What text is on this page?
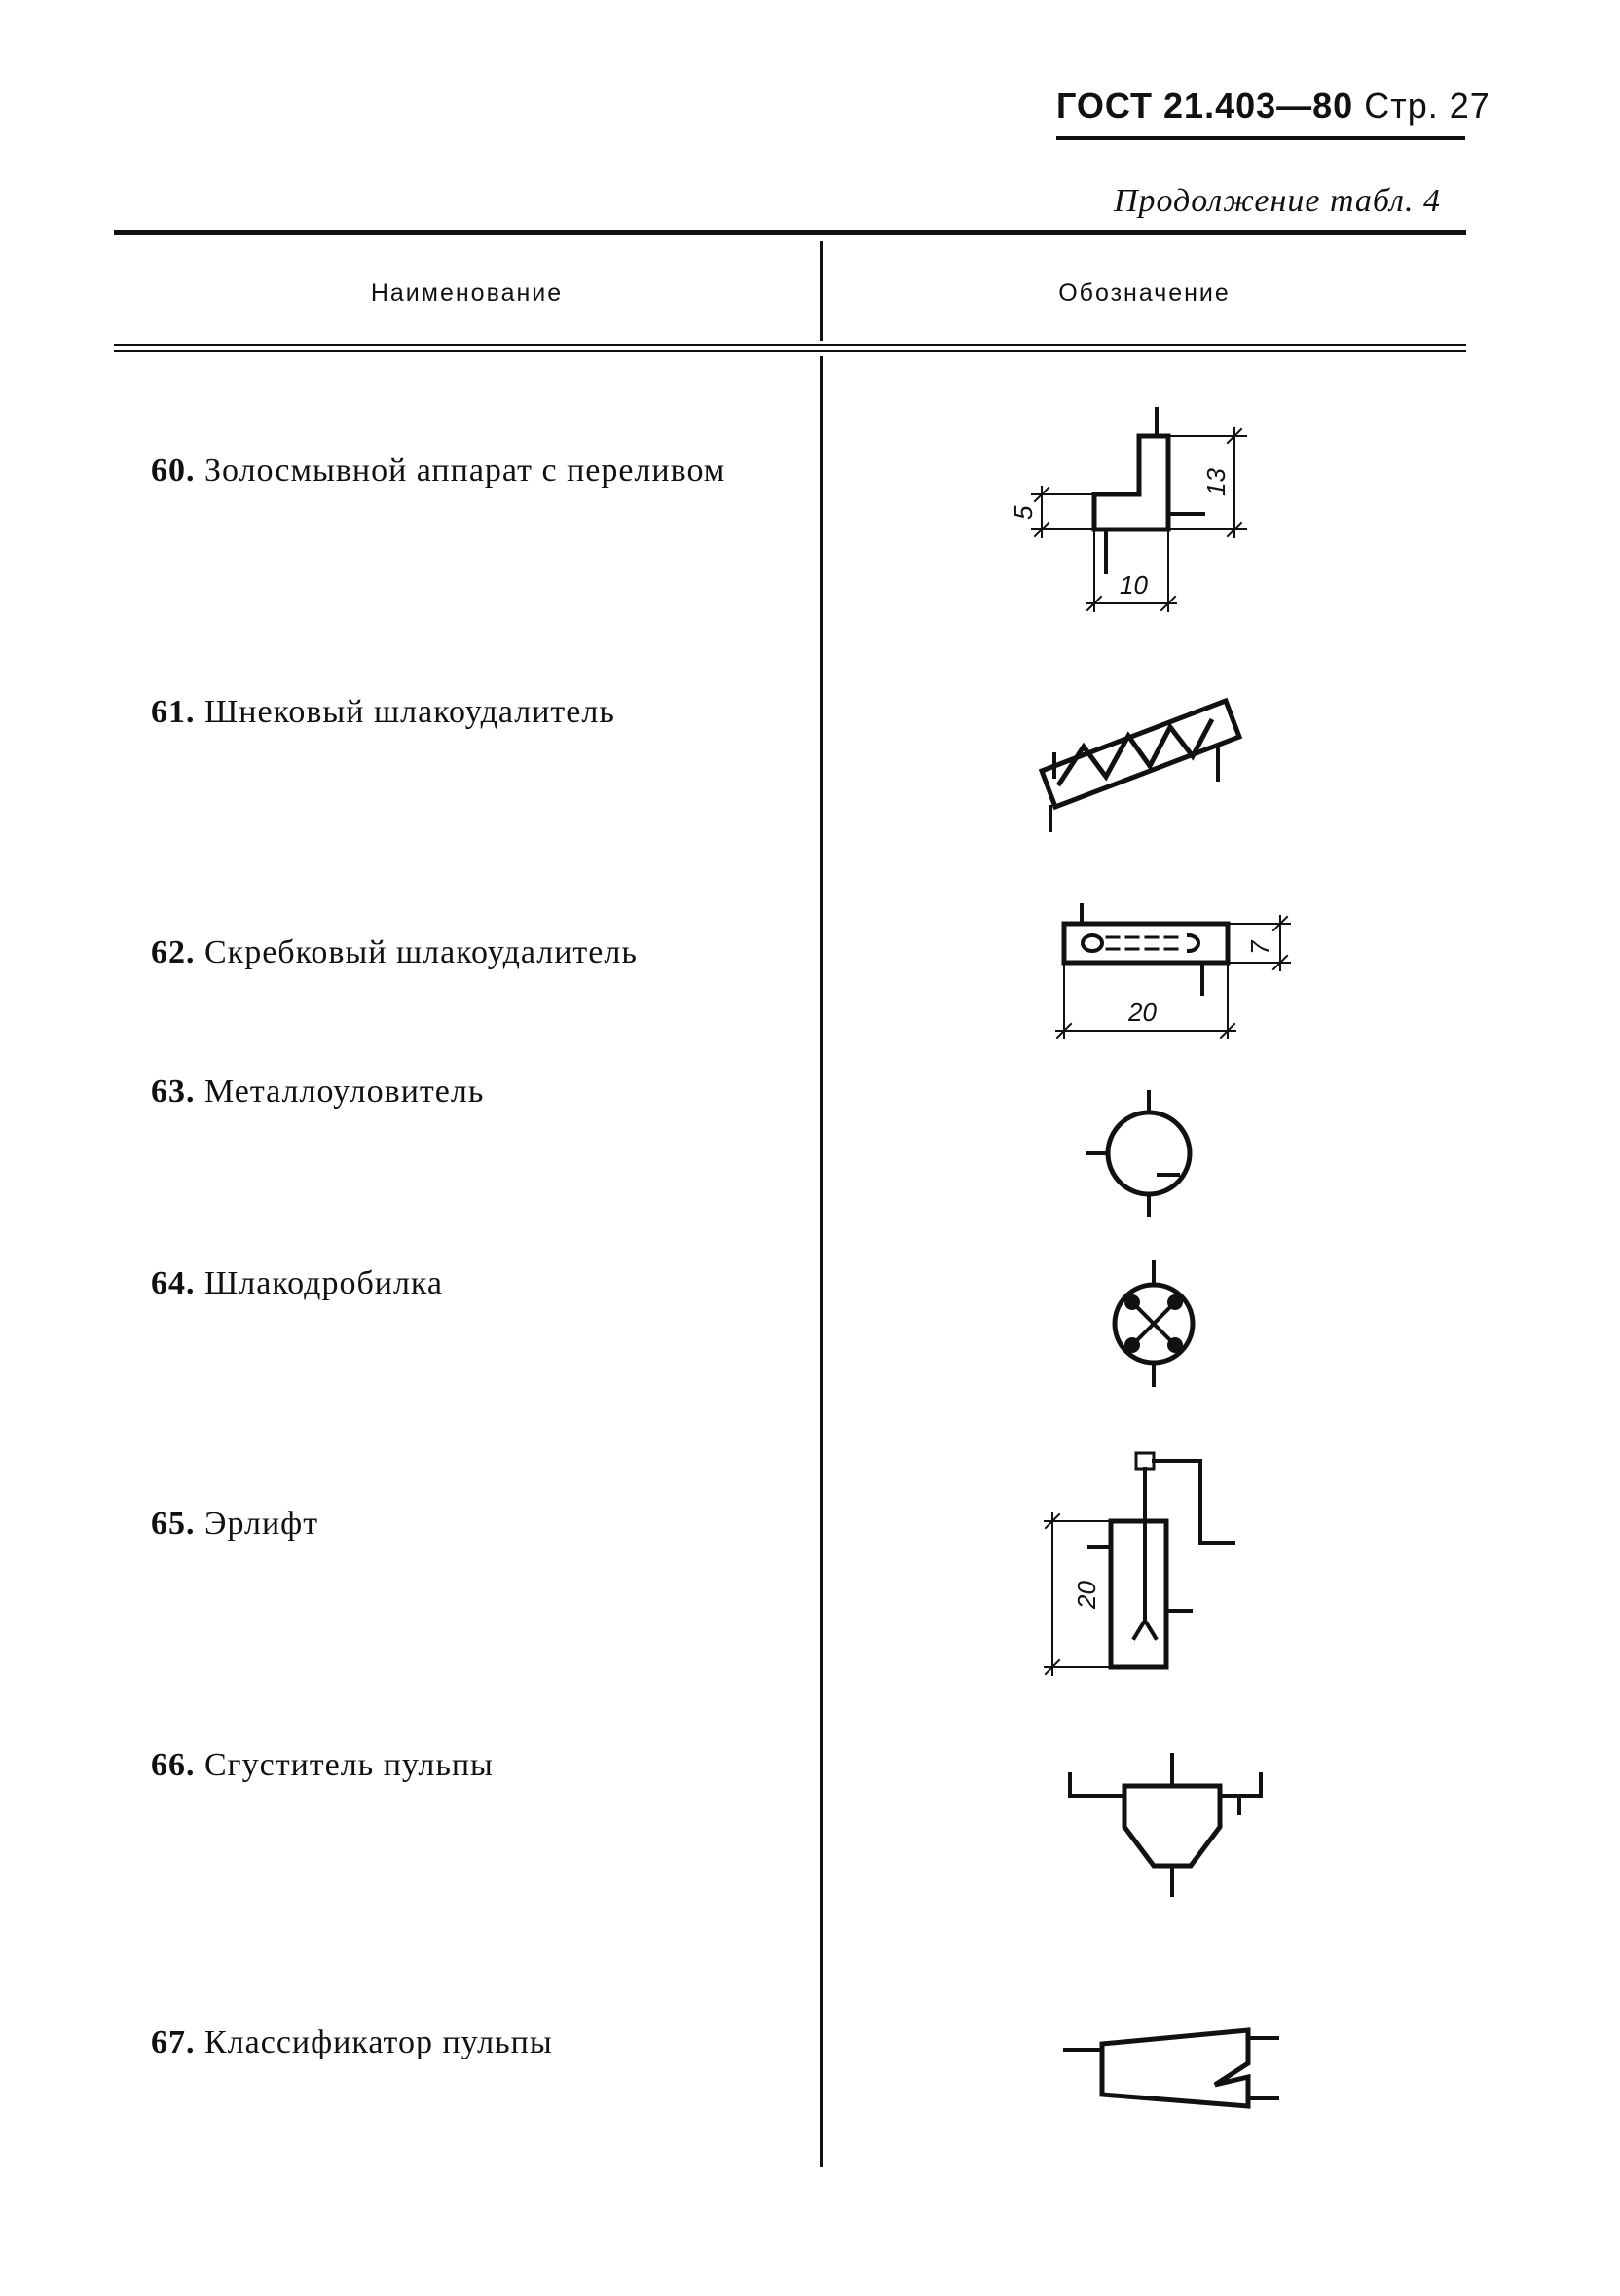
ГОСТ 21.403—80 Стр. 27
Продолжение табл. 4
Наименование	Обозначение
60. Золосмывной аппарат с переливом
61. Шнековый шлакоудалитель
62. Скребковый шлакоудалитель
63. Металлоуловитель
64. Шлакодробилка
65. Эрлифт
66. Сгуститель пульпы
67. Классификатор пульпы
5
13
10
7
20
20
